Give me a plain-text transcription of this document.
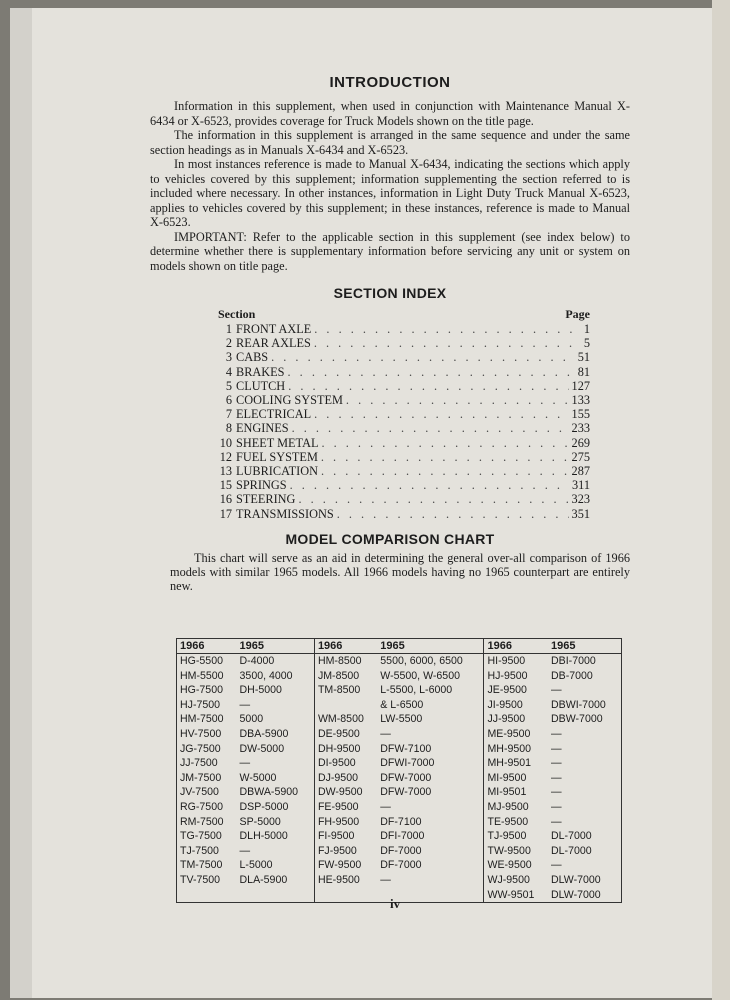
INTRODUCTION

Information in this supplement, when used in conjunction with Maintenance Manual X-6434 or X-6523, provides coverage for Truck Models shown on the title page.

The information in this supplement is arranged in the same sequence and under the same section headings as in Manuals X-6434 and X-6523.

In most instances reference is made to Manual X-6434, indicating the sections which apply to vehicles covered by this supplement; information supplementing the section referred to is included where necessary. In other instances, information in Light Duty Truck Manual X-6523, applies to vehicles covered by this supplement; in these instances, reference is made to Manual X-6523.

IMPORTANT: Refer to the applicable section in this supplement (see index below) to determine whether there is supplementary information before servicing any unit or system on models shown on title page.

SECTION INDEX
Section	Page
1 FRONT AXLE . . .	1
2 REAR AXLES . . .	5
3 CABS . . .	51
4 BRAKES . . .	81
5 CLUTCH . . .	127
6 COOLING SYSTEM . . .	133
7 ELECTRICAL . . .	155
8 ENGINES . . .	233
10 SHEET METAL . . .	269
12 FUEL SYSTEM . . .	275
13 LUBRICATION . . .	287
15 SPRINGS . . .	311
16 STEERING . . .	323
17 TRANSMISSIONS . . .	351
MODEL COMPARISON CHART

This chart will serve as an aid in determining the general over-all comparison of 1966 models with similar 1965 models. All 1966 models having no 1965 counterpart are entirely new.

1966	1965	1966	1965	1966	1965
HG-5500	D-4000	HM-8500	5500, 6000, 6500	HI-9500	DBI-7000
HM-5500	3500, 4000	JM-8500	W-5500, W-6500	HJ-9500	DB-7000
HG-7500	DH-5000	TM-8500	L-5500, L-6000	JE-9500	—
HJ-7500	—		& L-6500	JI-9500	DBWI-7000
HM-7500	5000	WM-8500	LW-5500	JJ-9500	DBW-7000
HV-7500	DBA-5900	DE-9500	—	ME-9500	—
JG-7500	DW-5000	DH-9500	DFW-7100	MH-9500	—
JJ-7500	—	DI-9500	DFWI-7000	MH-9501	—
JM-7500	W-5000	DJ-9500	DFW-7000	MI-9500	—
JV-7500	DBWA-5900	DW-9500	DFW-7000	MI-9501	—
RG-7500	DSP-5000	FE-9500	—	MJ-9500	—
RM-7500	SP-5000	FH-9500	DF-7100	TE-9500	—
TG-7500	DLH-5000	FI-9500	DFI-7000	TJ-9500	DL-7000
TJ-7500	—	FJ-9500	DF-7000	TW-9500	DL-7000
TM-7500	L-5000	FW-9500	DF-7000	WE-9500	—
TV-7500	DLA-5900	HE-9500	—	WJ-9500	DLW-7000
				WW-9501	DLW-7000
iv
